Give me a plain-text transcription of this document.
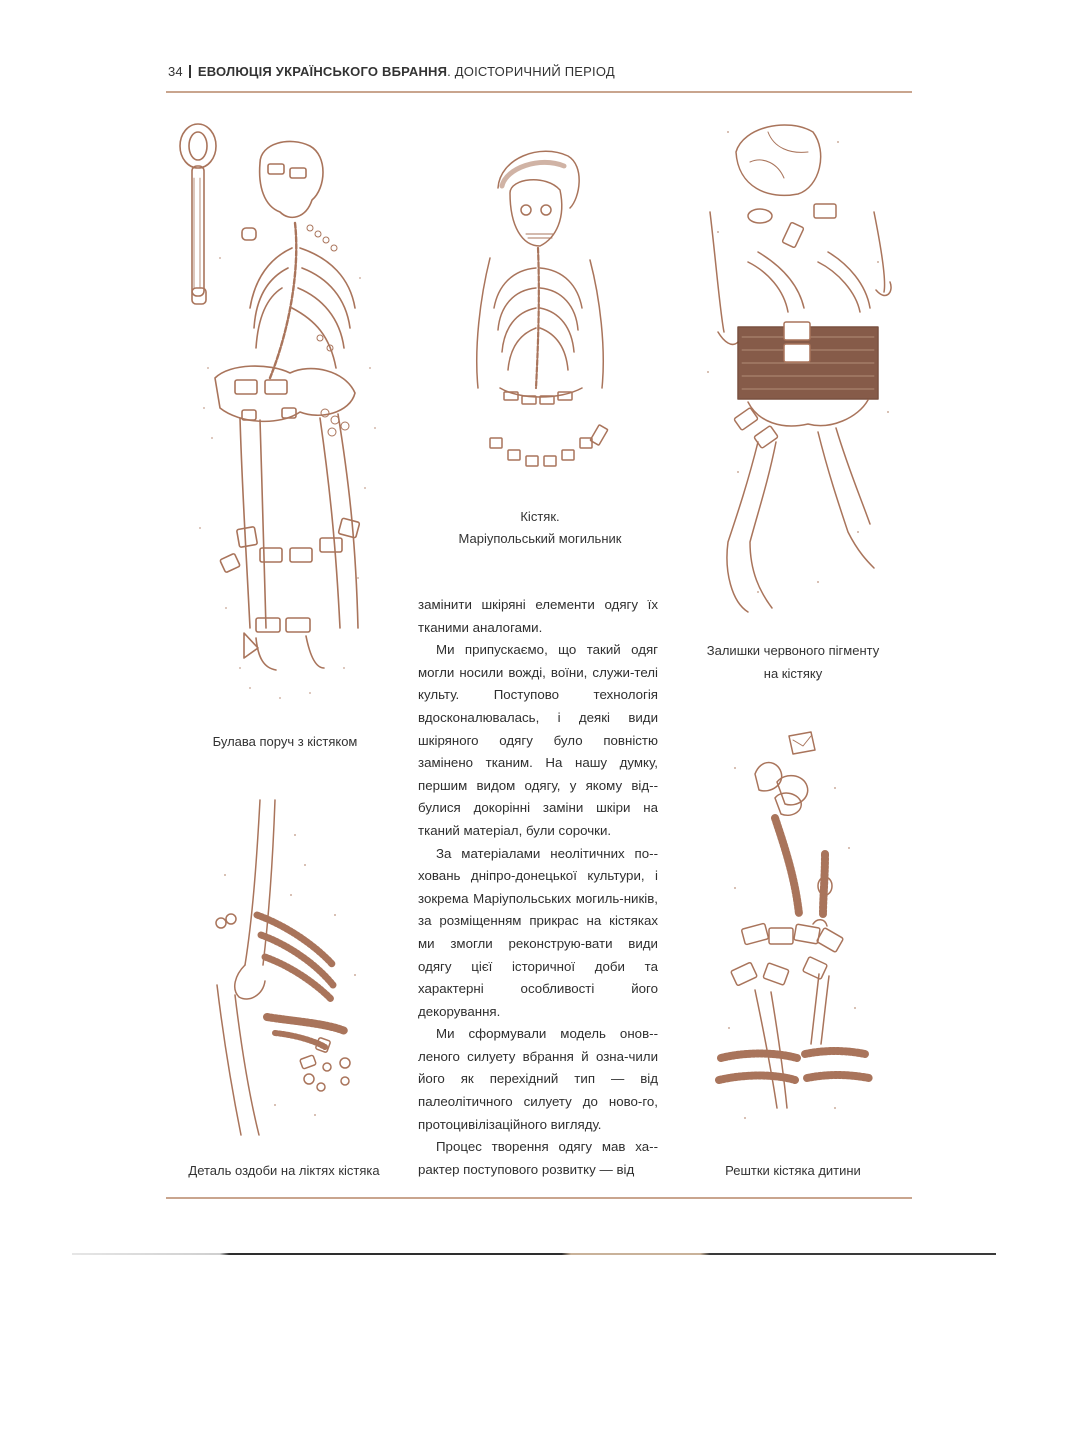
34 ЕВОЛЮЦІЯ УКРАЇНСЬКОГО ВБРАННЯ . ДОІСТОРИЧНИЙ ПЕРІОД
Булава поруч з кістяком
Кістяк.
Маріупольський могильник
Залишки червоного пігменту
на кістяку
Деталь оздоби на ліктях кістяка	Рештки кістяка дитини

замінити шкіряні елементи одягу їх тканими аналогами.

Ми припускаємо, що такий одяг могли носили вожді, воїни, служи-телі культу. Поступово технологія вдосконалювалась, і деякі види шкіряного одягу було повністю замінено тканим. На нашу думку, першим видом одягу, у якому від-булися докорінні заміни шкіри на тканий матеріал, були сорочки.

За матеріалами неолітичних по-ховань дніпро-донецької культури, і зокрема Маріупольських могиль-ників, за розміщенням прикрас на кістяках ми змогли реконструю-вати види одягу цієї історичної доби та характерні особливості його декорування.

Ми сформували модель онов-леного силуету вбрання й озна-чили його як перехідний тип — від палеолітичного силуету до ново-го, протоцивілізаційного вигляду.

Процес творення одягу мав ха-рактер поступового розвитку — від
